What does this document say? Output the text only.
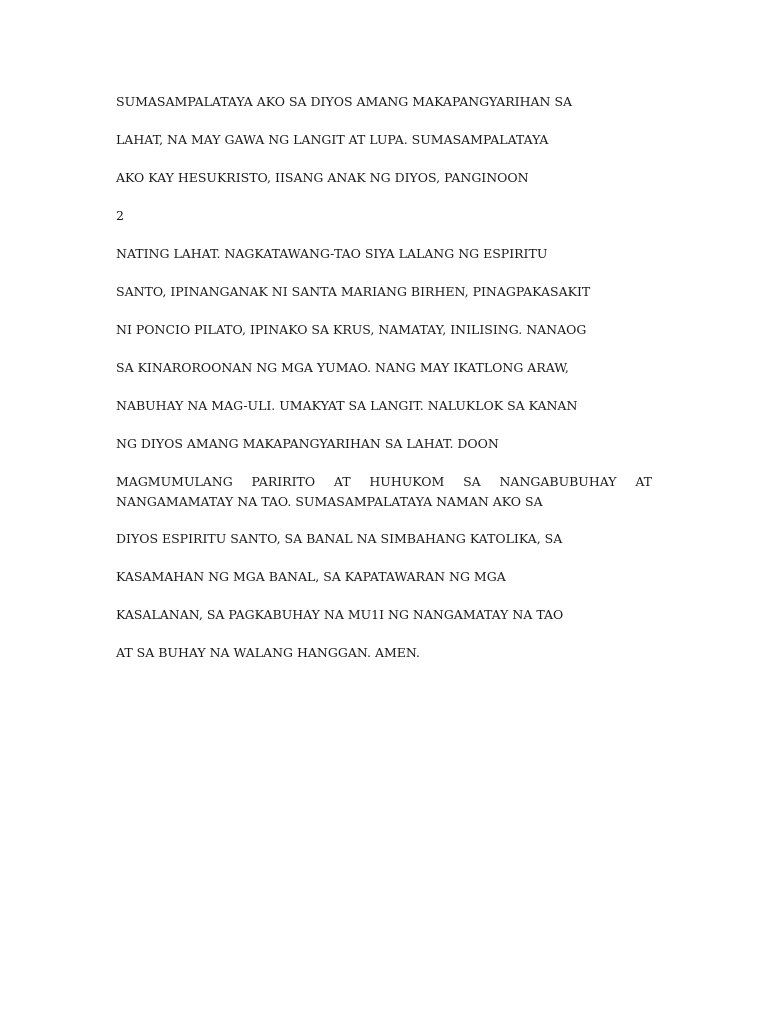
SUMASAMPALATAYA AKO SA DIYOS AMANG MAKAPANGYARIHAN SA
LAHAT, NA MAY GAWA NG LANGIT AT LUPA. SUMASAMPALATAYA
AKO KAY HESUKRISTO, IISANG ANAK NG DIYOS, PANGINOON
2
NATING LAHAT. NAGKATAWANG-TAO SIYA LALANG NG ESPIRITU
SANTO, IPINANGANAK NI SANTA MARIANG BIRHEN, PINAGPAKASAKIT
NI PONCIO PILATO, IPINAKO SA KRUS, NAMATAY, INILISING. NANAOG
SA KINAROROONAN NG MGA YUMAO. NANG MAY IKATLONG ARAW,
NABUHAY NA MAG-ULI. UMAKYAT SA LANGIT. NALUKLOK SA KANAN
NG DIYOS AMANG MAKAPANGYARIHAN SA LAHAT. DOON
MAGMUMULANG PARIRITO AT HUHUKOM SA NANGABUBUHAY AT
NANGAMAMATAY NA TAO. SUMASAMPALATAYA NAMAN AKO SA
DIYOS ESPIRITU SANTO, SA BANAL NA SIMBAHANG KATOLIKA, SA
KASAMAHAN NG MGA BANAL, SA KAPATAWARAN NG MGA
KASALANAN, SA PAGKABUHAY NA MU1I NG NANGAMATAY NA TAO
AT SA BUHAY NA WALANG HANGGAN. AMEN.
